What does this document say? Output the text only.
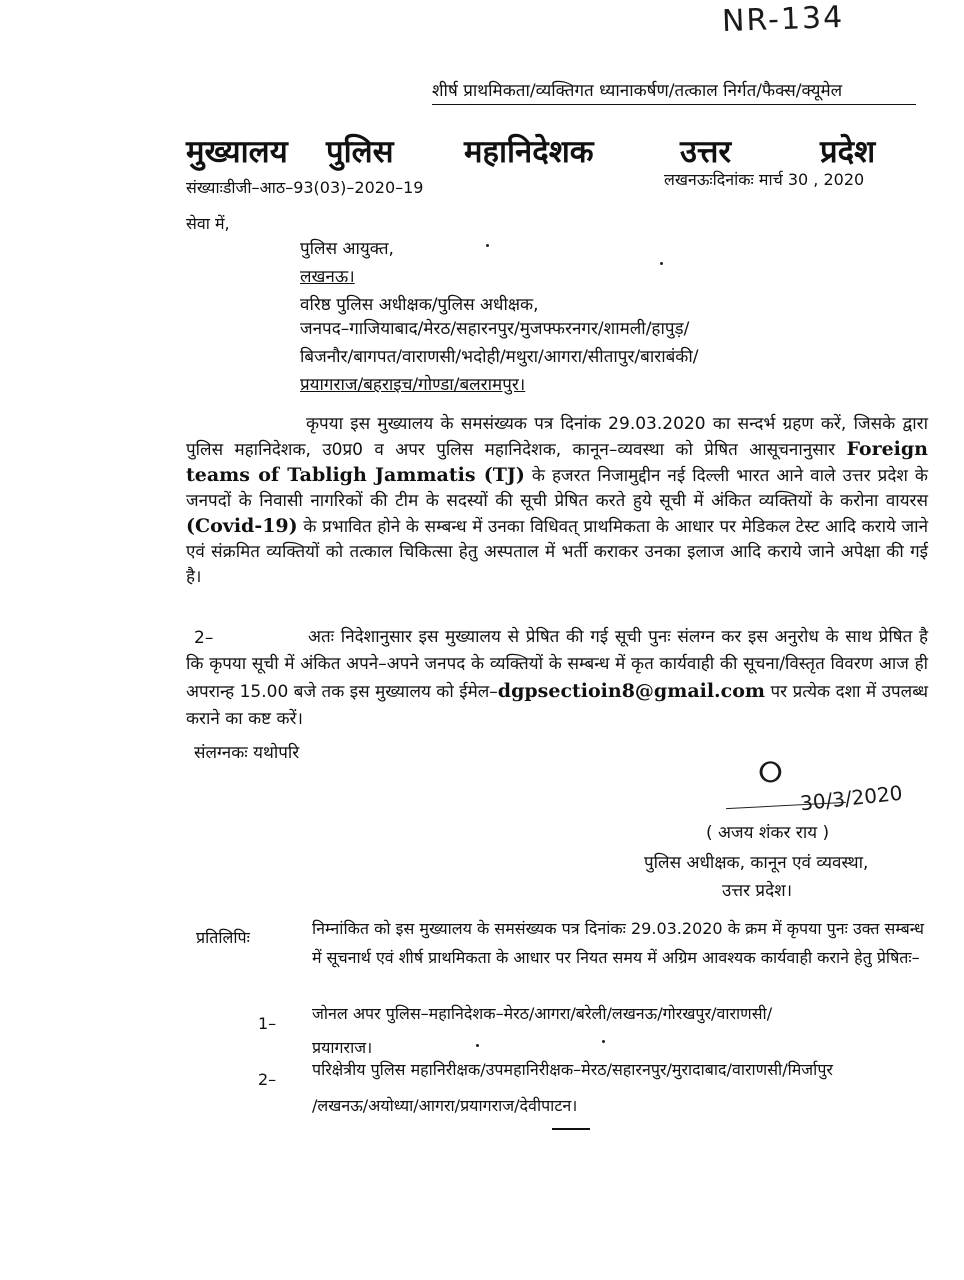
NR-134
शीर्ष प्राथमिकता/व्यक्तिगत ध्यानाकर्षण/तत्काल निर्गत/फैक्स/क्यूमेल
मुख्यालय पुलिस महानिदेशक	उत्तर	प्रदेश
संख्याःडीजी–आठ–93(03)–2020–19	लखनऊःदिनांकः मार्च 30 , 2020
सेवा में,
पुलिस आयुक्त,
लखनऊ।
वरिष्ठ पुलिस अधीक्षक/पुलिस अधीक्षक,
जनपद–गाजियाबाद/मेरठ/सहारनपुर/मुजफ्फरनगर/शामली/हापुड़/
बिजनौर/बागपत/वाराणसी/भदोही/मथुरा/आगरा/सीतापुर/बाराबंकी/
प्रयागराज/बहराइच/गोण्डा/बलरामपुर।

कृपया इस मुख्यालय के समसंख्यक पत्र दिनांक 29.03.2020 का सन्दर्भ ग्रहण करें, जिसके द्वारा पुलिस महानिदेशक, उ0प्र0 व अपर पुलिस महानिदेशक, कानून–व्यवस्था को प्रेषित आसूचनानुसार Foreign teams of Tabligh Jammatis (TJ) के हजरत निजामुद्दीन नई दिल्ली भारत आने वाले उत्तर प्रदेश के जनपदों के निवासी नागरिकों की टीम के सदस्यों की सूची प्रेषित करते हुये सूची में अंकित व्यक्तियों के करोना वायरस (Covid-19) के प्रभावित होने के सम्बन्ध में उनका विधिवत् प्राथमिकता के आधार पर मेडिकल टेस्ट आदि कराये जाने एवं संक्रमित व्यक्तियों को तत्काल चिकित्सा हेतु अस्पताल में भर्ती कराकर उनका इलाज आदि कराये जाने अपेक्षा की गई है।

2–	अतः निदेशानुसार इस मुख्यालय से प्रेषित की गई सूची पुनः संलग्न कर इस अनुरोध के साथ प्रेषित है कि कृपया सूची में अंकित अपने–अपने जनपद के व्यक्तियों के सम्बन्ध में कृत कार्यवाही की सूचना/विस्तृत विवरण आज ही अपरान्ह 15.00 बजे तक इस मुख्यालय को ईमेल–dgpsectioin8@gmail.com पर प्रत्येक दशा में उपलब्ध कराने का कष्ट करें।

संलग्नकः यथोपरि
ⵔ
30/3/2020
( अजय शंकर राय )
पुलिस अधीक्षक, कानून एवं व्यवस्था,
उत्तर प्रदेश।
प्रतिलिपिः	निम्नांकित को इस मुख्यालय के समसंख्यक पत्र दिनांकः 29.03.2020 के क्रम में कृपया पुनः उक्त सम्बन्ध में सूचनार्थ एवं शीर्ष प्राथमिकता के आधार पर नियत समय में अग्रिम आवश्यक कार्यवाही कराने हेतु प्रेषितः–
1–
जोनल अपर पुलिस–महानिदेशक–मेरठ/आगरा/बरेली/लखनऊ/गोरखपुर/वाराणसी/
प्रयागराज।
2–
परिक्षेत्रीय पुलिस महानिरीक्षक/उपमहानिरीक्षक–मेरठ/सहारनपुर/मुरादाबाद/वाराणसी/मिर्जापुर
/लखनऊ/अयोध्या/आगरा/प्रयागराज/देवीपाटन।
